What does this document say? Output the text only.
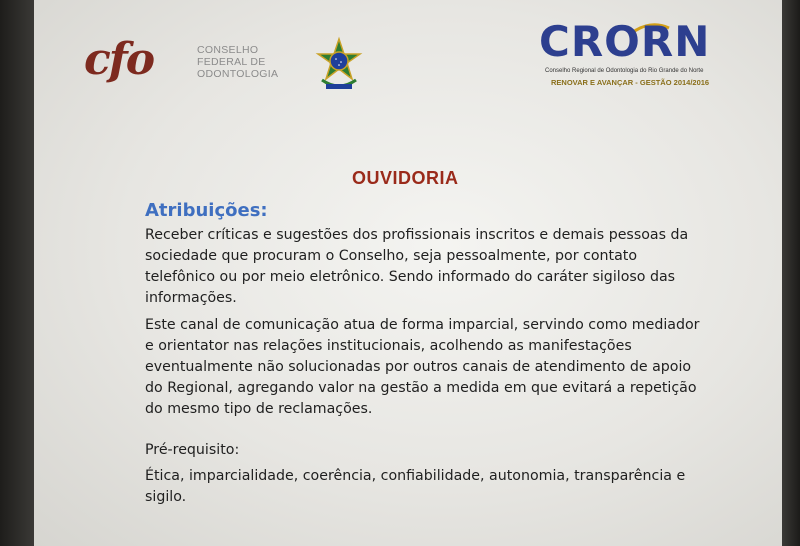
cfo	CONSELHO
FEDERAL DE
ODONTOLOGIA
CRORN
Conselho Regional de Odontologia do Rio Grande do Norte
RENOVAR E AVANÇAR - GESTÃO 2014/2016
OUVIDORIA
Atribuições:
Receber críticas e sugestões dos profissionais inscritos e demais pessoas da sociedade que procuram o Conselho, seja pessoalmente, por contato telefônico ou por meio eletrônico. Sendo informado do caráter sigiloso das informações.
Este canal de comunicação atua de forma imparcial, servindo como mediador e orientator nas relações institucionais, acolhendo as manifestações eventualmente não solucionadas por outros canais de atendimento de apoio do Regional, agregando valor na gestão a medida em que evitará a repetição do mesmo tipo de reclamações.
Pré-requisito:
Ética, imparcialidade, coerência, confiabilidade, autonomia, transparência e sigilo.
